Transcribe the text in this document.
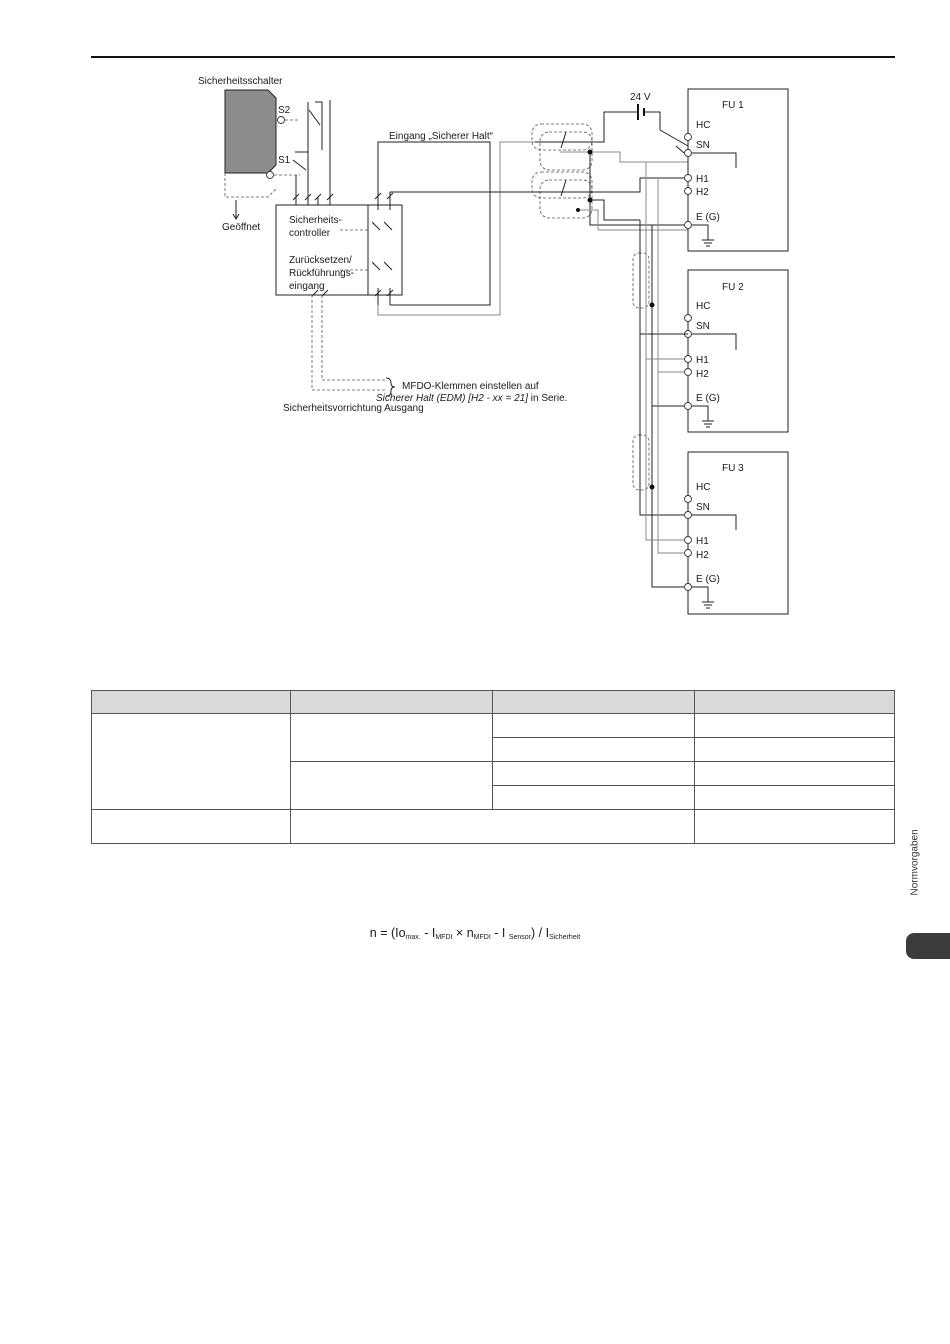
Sicherheitsschalter
S2
S1
Geöffnet
Sicherheits-
controller
Zurücksetzen/
Rückführungs-
eingang
MFDO-Klemmen einstellen auf
Sicherer Halt (EDM) [H2 - xx = 21] in Serie.
Sicherheitsvorrichtung Ausgang
Eingang „Sicherer Halt“
24 V
FU 1
HC
SN
H1
H2
E (G)
FU 2
HC
SN
H1
H2
E (G)
FU 3
HC
SN
H1
H2
E (G)

$n = (Io_{max.} - I_{MFDI} \times n_{MFDI} - I$ $_{Sensor}) / I_{Sicherheit}$
Normvorgaben
